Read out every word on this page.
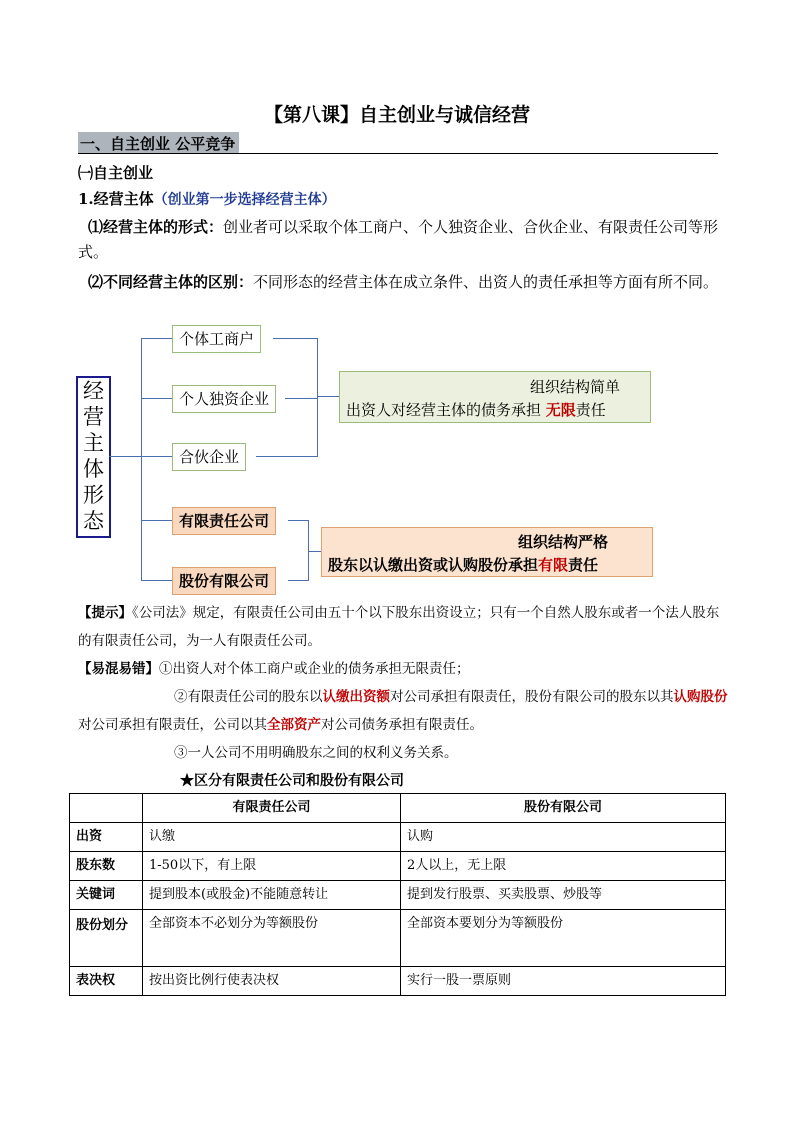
【第八课】自主创业与诚信经营
一、自主创业 公平竞争
㈠自主创业
1.经营主体（创业第一步选择经营主体）
⑴经营主体的形式：创业者可以采取个体工商户、个人独资企业、合伙企业、有限责任公司等形式。
⑵不同经营主体的区别：不同形态的经营主体在成立条件、出资人的责任承担等方面有所不同。
经
营
主
体
形
态
个体工商户
个人独资企业
合伙企业
有限责任公司
股份有限公司
组织结构简单
出资人对经营主体的债务承担 无限责任
组织结构严格
股东以认缴出资或认购股份承担有限责任
【提示】《公司法》规定，有限责任公司由五十个以下股东出资设立；只有一个自然人股东或者一个法人股东的有限责任公司，为一人有限责任公司。
【易混易错】①出资人对个体工商户或企业的债务承担无限责任；
②有限责任公司的股东以认缴出资额对公司承担有限责任，股份有限公司的股东以其认购股份对公司承担有限责任，公司以其全部资产对公司债务承担有限责任。
③一人公司不用明确股东之间的权利义务关系。
★区分有限责任公司和股份有限公司
	有限责任公司	股份有限公司
出资	认缴	认购
股东数	1-50以下，有上限	2人以上，无上限
关键词	提到股本(或股金)不能随意转让	提到发行股票、买卖股票、炒股等
股份划分	全部资本不必划分为等额股份	全部资本要划分为等额股份
表决权	按出资比例行使表决权	实行一股一票原则
